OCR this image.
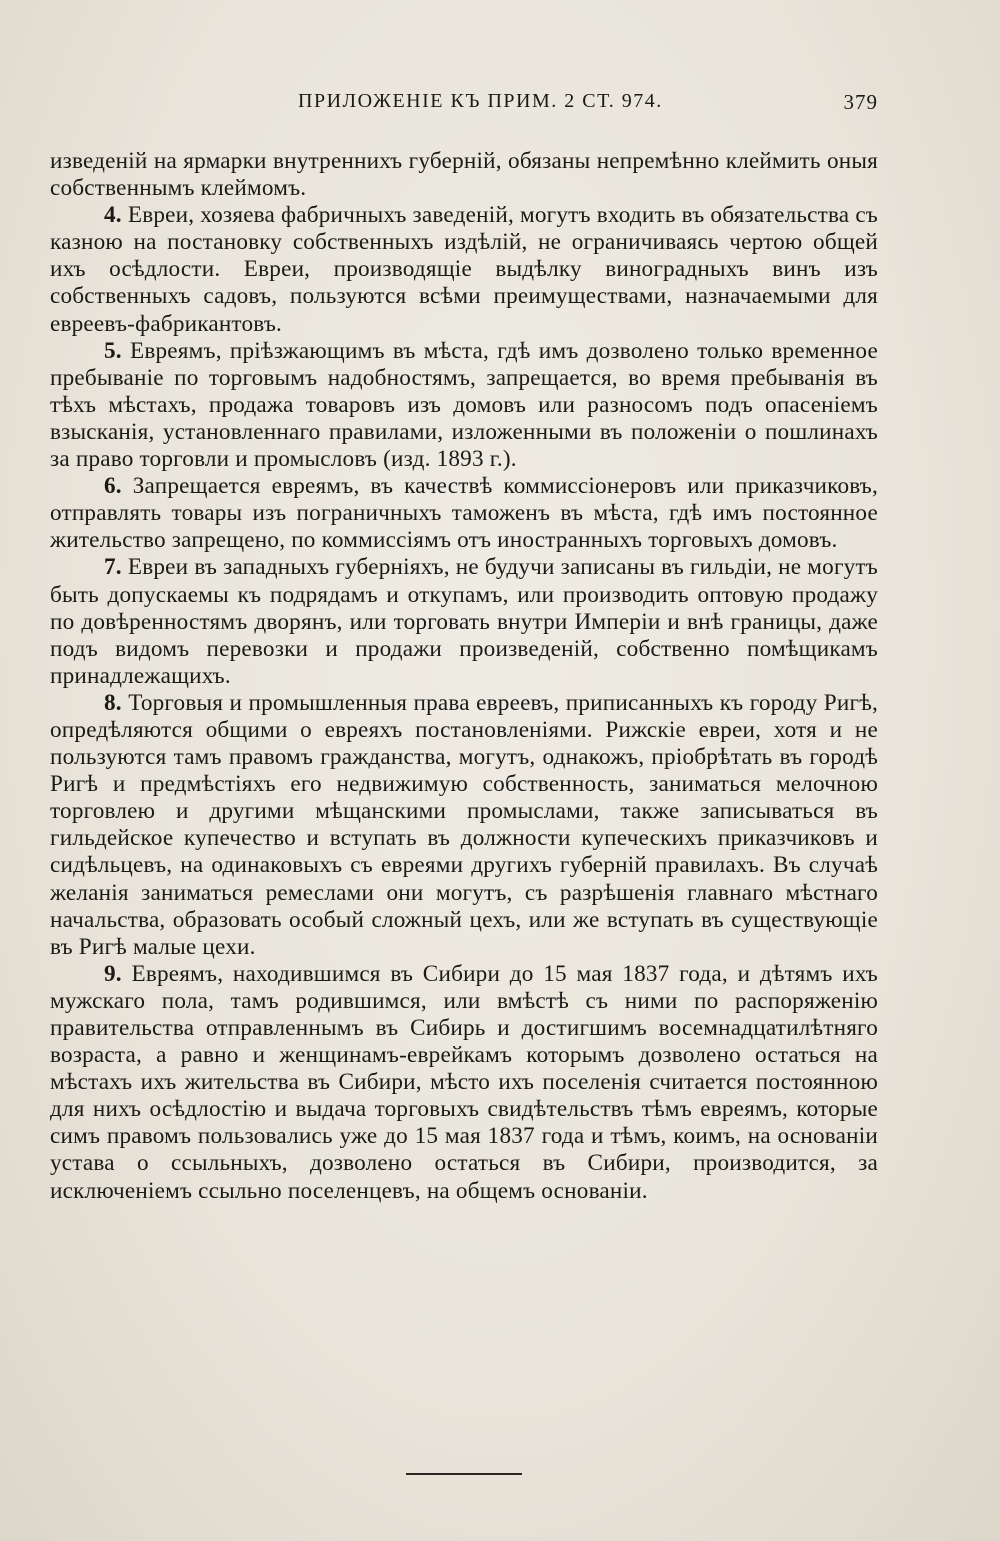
ПРИЛОЖЕНІЕ КЪ ПРИМ. 2 СТ. 974.	379

изведеній на ярмарки внутреннихъ губерній, обязаны непремѣнно клеймить оныя собственнымъ клеймомъ.

4. Евреи, хозяева фабричныхъ заведеній, могутъ входить въ обязательства съ казною на постановку собственныхъ издѣлій, не ограничиваясь чертою общей ихъ осѣдлости. Евреи, производящіе выдѣлку виноградныхъ винъ изъ собственныхъ садовъ, пользуются всѣми преимуществами, назначаемыми для евреевъ-фабрикантовъ.

5. Евреямъ, пріѣзжающимъ въ мѣста, гдѣ имъ дозволено только временное пребываніе по торговымъ надобностямъ, запрещается, во время пребыванія въ тѣхъ мѣстахъ, продажа товаровъ изъ домовъ или разносомъ подъ опасеніемъ взысканія, установленнаго правилами, изложенными въ положеніи о пошлинахъ за право торговли и промысловъ (изд. 1893 г.).

6. Запрещается евреямъ, въ качествѣ коммиссіонеровъ или приказчиковъ, отправлять товары изъ пограничныхъ таможенъ въ мѣста, гдѣ имъ постоянное жительство запрещено, по коммиссіямъ отъ иностранныхъ торговыхъ домовъ.

7. Евреи въ западныхъ губерніяхъ, не будучи записаны въ гильдіи, не могутъ быть допускаемы къ подрядамъ и откупамъ, или производить оптовую продажу по довѣренностямъ дворянъ, или торговать внутри Имперіи и внѣ границы, даже подъ видомъ перевозки и продажи произведеній, собственно помѣщикамъ принадлежащихъ.

8. Торговыя и промышленныя права евреевъ, приписанныхъ къ городу Ригѣ, опредѣляются общими о евреяхъ постановленіями. Рижскіе евреи, хотя и не пользуются тамъ правомъ гражданства, могутъ, однакожъ, пріобрѣтать въ городѣ Ригѣ и предмѣстіяхъ его недвижимую собственность, заниматься мелочною торговлею и другими мѣщанскими промыслами, также записываться въ гильдейское купечество и вступать въ должности купеческихъ приказчиковъ и сидѣльцевъ, на одинаковыхъ съ евреями другихъ губерній правилахъ. Въ случаѣ желанія заниматься ремеслами они могутъ, съ разрѣшенія главнаго мѣстнаго начальства, образовать особый сложный цехъ, или же вступать въ существующіе въ Ригѣ малые цехи.

9. Евреямъ, находившимся въ Сибири до 15 мая 1837 года, и дѣтямъ ихъ мужскаго пола, тамъ родившимся, или вмѣстѣ съ ними по распоряженію правительства отправленнымъ въ Сибирь и достигшимъ восемнадцатилѣтняго возраста, а равно и женщинамъ-еврейкамъ которымъ дозволено остаться на мѣстахъ ихъ жительства въ Сибири, мѣсто ихъ поселенія считается постоянною для нихъ осѣдлостію и выдача торговыхъ свидѣтельствъ тѣмъ евреямъ, которые симъ правомъ пользовались уже до 15 мая 1837 года и тѣмъ, коимъ, на основаніи устава о ссыльныхъ, дозволено остаться въ Сибири, производится, за исключеніемъ ссыльно поселенцевъ, на общемъ основаніи.
